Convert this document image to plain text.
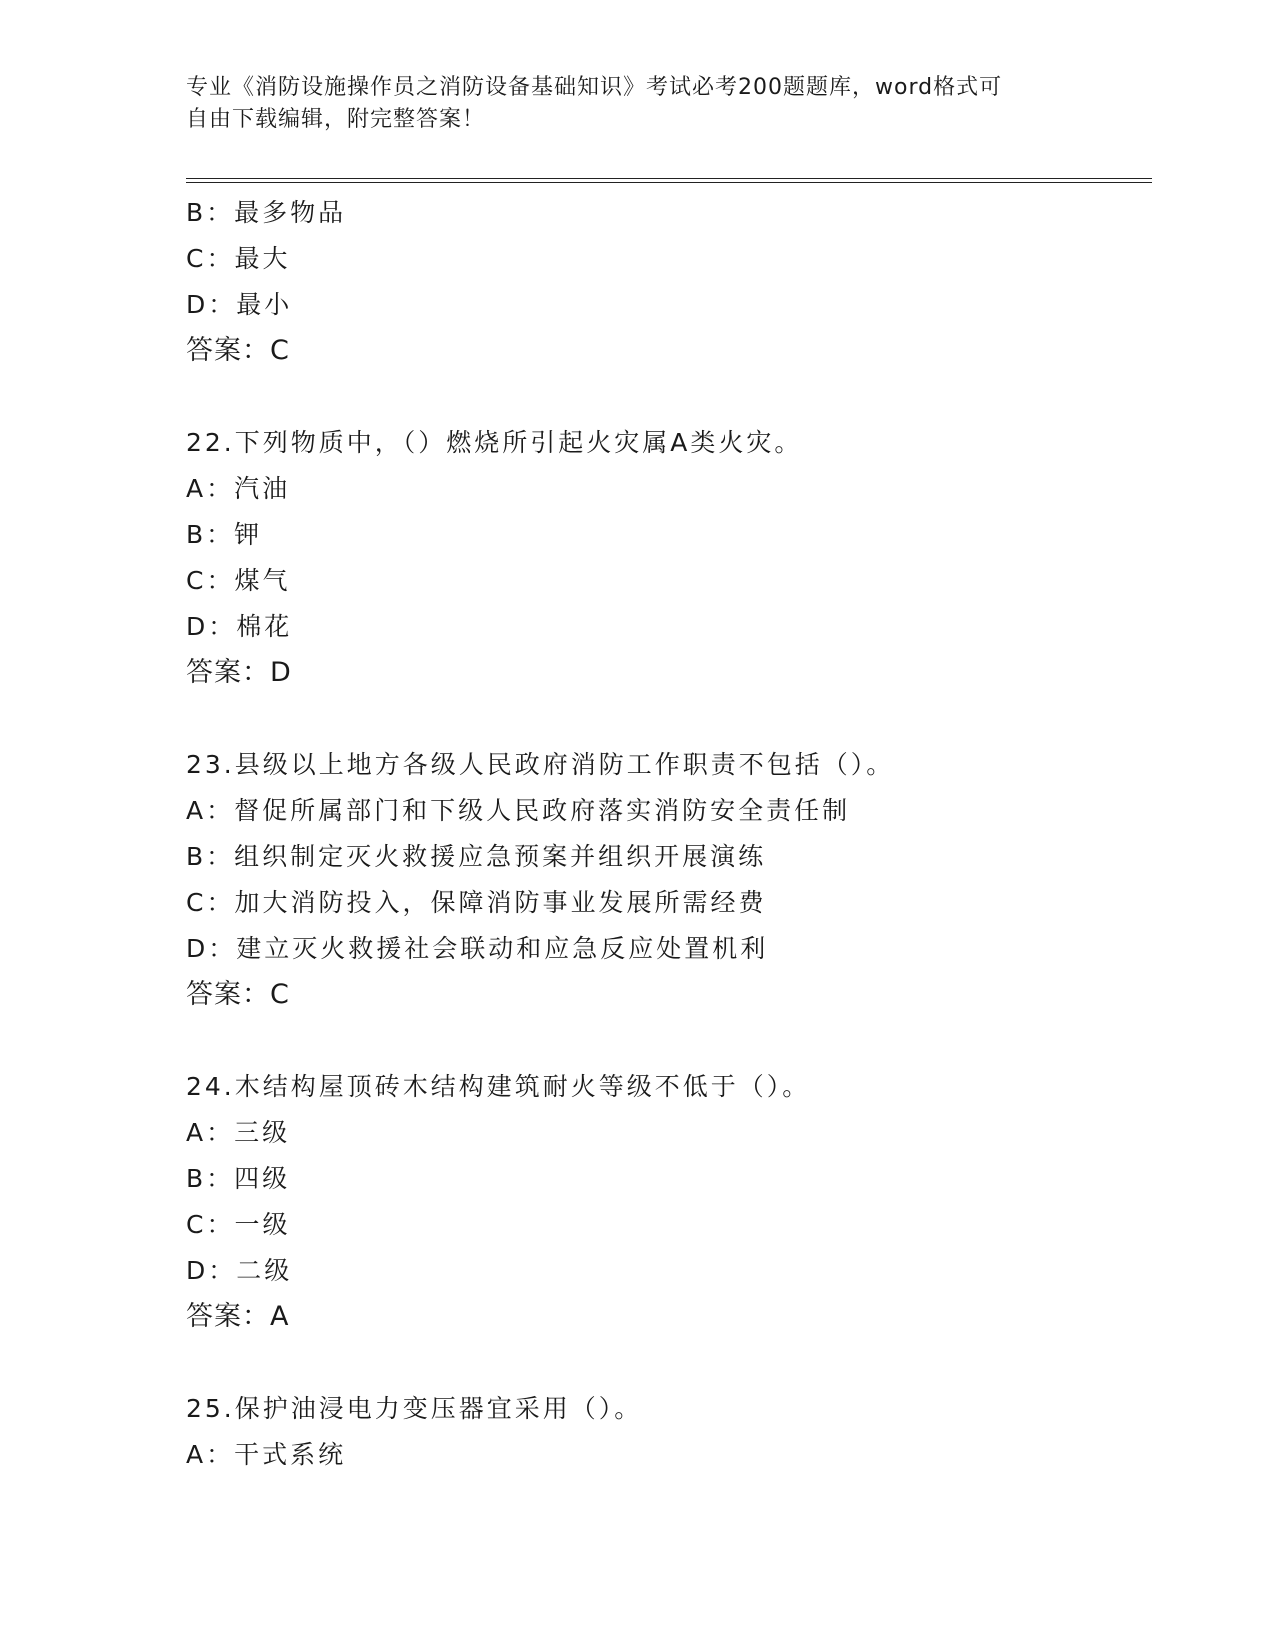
专业《消防设施操作员之消防设备基础知识》考试必考200题题库，word格式可
自由下载编辑，附完整答案！
B：最多物品
C：最大
D：最小
答案：C
22.下列物质中，（）燃烧所引起火灾属A类火灾。
A：汽油
B：钾
C：煤气
D：棉花
答案：D
23.县级以上地方各级人民政府消防工作职责不包括（）。
A：督促所属部门和下级人民政府落实消防安全责任制
B：组织制定灭火救援应急预案并组织开展演练
C：加大消防投入，保障消防事业发展所需经费
D：建立灭火救援社会联动和应急反应处置机利
答案：C
24.木结构屋顶砖木结构建筑耐火等级不低于（）。
A：三级
B：四级
C：一级
D：二级
答案：A
25.保护油浸电力变压器宜采用（）。
A：干式系统
